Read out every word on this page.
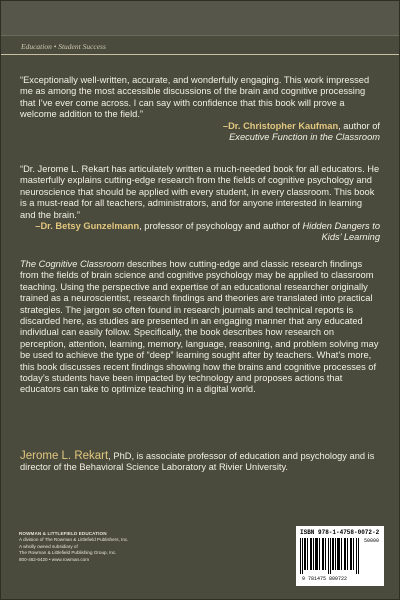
Education • Student Success
“Exceptionally well-written, accurate, and wonderfully engaging. This work impressed me as among the most accessible discussions of the brain and cognitive processing that I’ve ever come across. I can say with confidence that this book will prove a welcome addition to the field.”
–Dr. Christopher Kaufman, author of
Executive Function in the Classroom
“Dr. Jerome L. Rekart has articulately written a much-needed book for all educators. He masterfully explains cutting-edge research from the fields of cognitive psychology and neuroscience that should be applied with every student, in every classroom. This book is a must-read for all teachers, administrators, and for anyone interested in learning and the brain.”
–Dr. Betsy Gunzelmann, professor of psychology and author of Hidden Dangers to Kids’ Learning
The Cognitive Classroom describes how cutting-edge and classic research findings from the fields of brain science and cognitive psychology may be applied to classroom teaching. Using the perspective and expertise of an educational researcher originally trained as a neuroscientist, research findings and theories are translated into practical strategies. The jargon so often found in research journals and technical reports is discarded here, as studies are presented in an engaging manner that any educated individual can easily follow. Specifically, the book describes how research on perception, attention, learning, memory, language, reasoning, and problem solving may be used to achieve the type of “deep” learning sought after by teachers. What’s more, this book discusses recent findings showing how the brains and cognitive processes of today’s students have been impacted by technology and proposes actions that educators can take to optimize teaching in a digital world.
Jerome L. Rekart, PhD, is associate professor of education and psychology and is director of the Behavioral Science Laboratory at Rivier University.
ROWMAN & LITTLEFIELD EDUCATION
A division of The Rowman & Littlefield Publishers, Inc.
A wholly owned subsidiary of
The Rowman & Littlefield Publishing Group, Inc.
800-462-6420 • www.rowman.com
ISBN 978-1-4758-0072-2
50000
9 781475 800722
